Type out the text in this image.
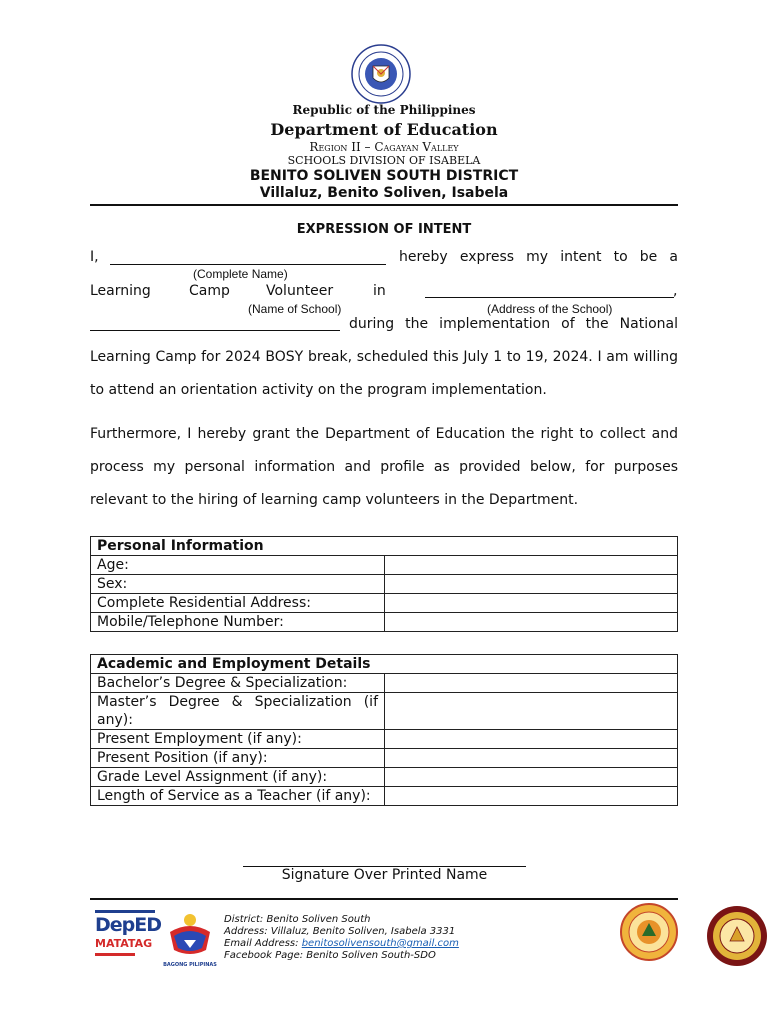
Republic of the Philippines
Department of Education
Region II – Cagayan Valley
SCHOOLS DIVISION OF ISABELA
BENITO SOLIVEN SOUTH DISTRICT
Villaluz, Benito Soliven, Isabela
EXPRESSION OF INTENT
I,	hereby express my intent to be a
(Complete Name)
Learning	Camp	Volunteer	in	,
(Name of School)	(Address of the School)
during the implementation of the National
Learning Camp for 2024 BOSY break, scheduled this July 1 to 19, 2024. I am willing
to attend an orientation activity on the program implementation.
Furthermore, I hereby grant the Department of Education the right to collect and
process my personal information and profile as provided below, for purposes
relevant to the hiring of learning camp volunteers in the Department.
Personal Information	
Age:	
Sex:	
Complete Residential Address:	
Mobile/Telephone Number:	
Academic and Employment Details	
Bachelor’s Degree & Specialization:	

Master’s Degree & Specialization (if
any):	

Present Employment (if any):	
Present Position (if any):	
Grade Level Assignment (if any):	
Length of Service as a Teacher (if any):	
Signature Over Printed Name
DepED
MATATAG
BAGONG PILIPINAS
District: Benito Soliven South
Address: Villaluz, Benito Soliven, Isabela 3331
Email Address: benitosolivensouth@gmail.com
Facebook Page: Benito Soliven South-SDO
